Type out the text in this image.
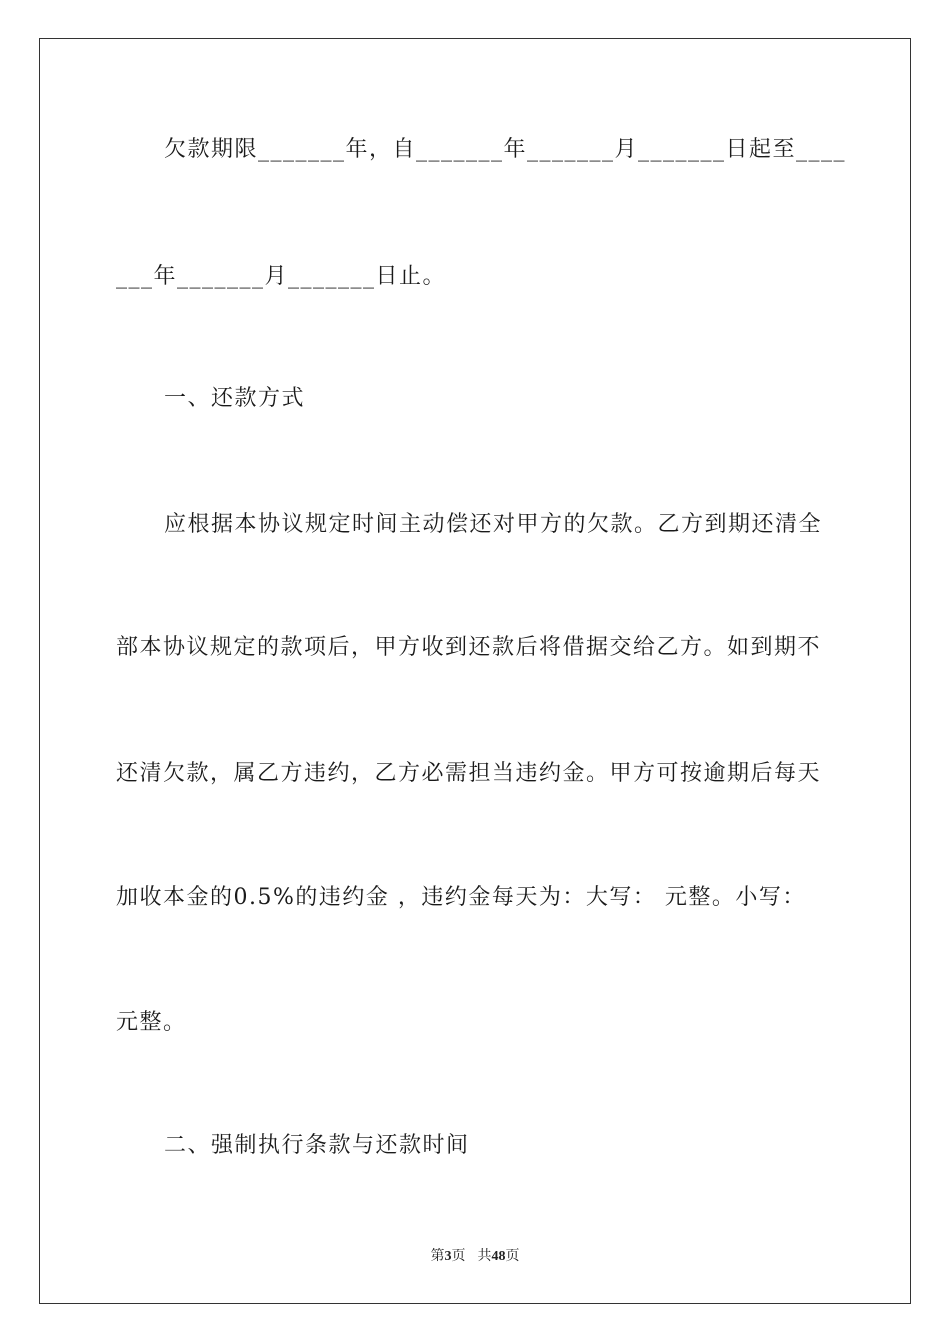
欠款期限_______年，自_______年_______月_______日起至____
___年_______月_______日止。
一、还款方式
应根据本协议规定时间主动偿还对甲方的欠款。乙方到期还清全
部本协议规定的款项后，甲方收到还款后将借据交给乙方。如到期不
还清欠款，属乙方违约，乙方必需担当违约金。甲方可按逾期后每天
加收本金的0.5%的违约金 ，违约金每天为：大写： 元整。小写：
元整。
二、强制执行条款与还款时间
第3页 共48页
